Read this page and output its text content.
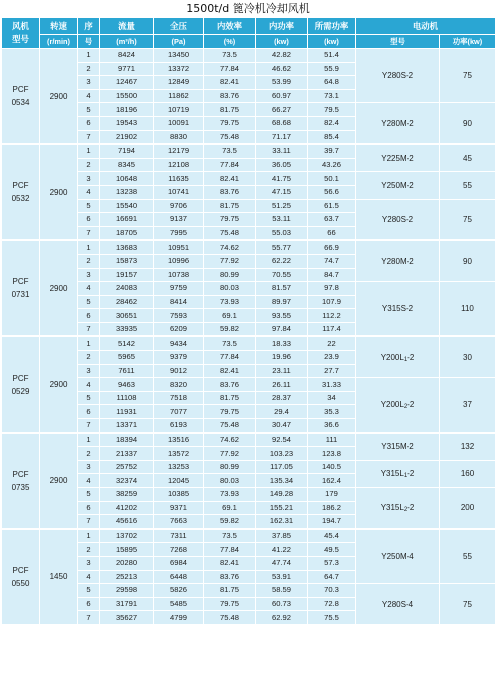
1500t/d 篦冷机冷却风机
风机
型号	转速	序	流量	全压	内效率	内功率	所需功率	电动机	
	(r/min)	号	(m³/h)	(Pa)	(%)	(kw)	(kw)	型号	功率(kw)
PCF
0534	2900	1	8424	13450	73.5	42.82	51.4	Y280S-2	75
		2	9771	13372	77.84	46.62	55.9		
		3	12467	12849	82.41	53.99	64.8		
		4	15500	11862	83.76	60.97	73.1		
		5	18196	10719	81.75	66.27	79.5	Y280M-2	90
		6	19543	10091	79.75	68.68	82.4		
		7	21902	8830	75.48	71.17	85.4		
PCF
0532	2900	1	7194	12179	73.5	33.11	39.7	Y225M-2	45
		2	8345	12108	77.84	36.05	43.26		
		3	10648	11635	82.41	41.75	50.1	Y250M-2	55
		4	13238	10741	83.76	47.15	56.6		
		5	15540	9706	81.75	51.25	61.5	Y280S-2	75
		6	16691	9137	79.75	53.11	63.7		
		7	18705	7995	75.48	55.03	66		
PCF
0731	2900	1	13683	10951	74.62	55.77	66.9	Y280M-2	90
		2	15873	10996	77.92	62.22	74.7		
		3	19157	10738	80.99	70.55	84.7		
		4	24083	9759	80.03	81.57	97.8	Y315S-2	110
		5	28462	8414	73.93	89.97	107.9		
		6	30651	7593	69.1	93.55	112.2		
		7	33935	6209	59.82	97.84	117.4		
PCF
0529	2900	1	5142	9434	73.5	18.33	22	$Y200L_1-2$	30
		2	5965	9379	77.84	19.96	23.9		
		3	7611	9012	82.41	23.11	27.7		
		4	9463	8320	83.76	26.11	31.33	$Y200L_2-2$	37
		5	11108	7518	81.75	28.37	34		
		6	11931	7077	79.75	29.4	35.3		
		7	13371	6193	75.48	30.47	36.6		
PCF
0735	2900	1	18394	13516	74.62	92.54	111	Y315M-2	132
		2	21337	13572	77.92	103.23	123.8		
		3	25752	13253	80.99	117.05	140.5	$Y315L_1-2$	160
		4	32374	12045	80.03	135.34	162.4		
		5	38259	10385	73.93	149.28	179	$Y315L_2-2$	200
		6	41202	9371	69.1	155.21	186.2		
		7	45616	7663	59.82	162.31	194.7		
PCF
0550	1450	1	13702	7311	73.5	37.85	45.4	Y250M-4	55
		2	15895	7268	77.84	41.22	49.5		
		3	20280	6984	82.41	47.74	57.3		
		4	25213	6448	83.76	53.91	64.7		
		5	29598	5826	81.75	58.59	70.3	Y280S-4	75
		6	31791	5485	79.75	60.73	72.8		
		7	35627	4799	75.48	62.92	75.5		
